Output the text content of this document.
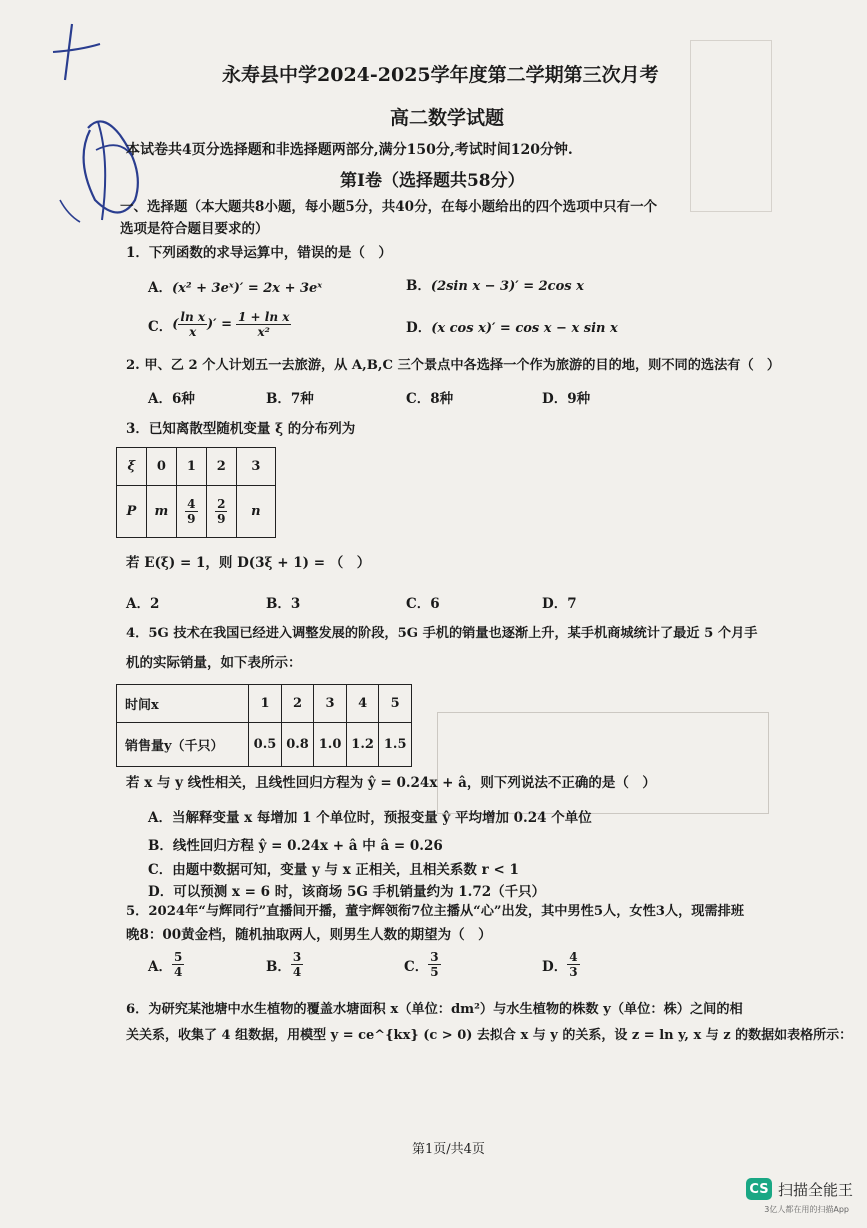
永寿县中学2024-2025学年度第二学期第三次月考
高二数学试题
本试卷共4页分选择题和非选择题两部分,满分150分,考试时间120分钟.
第Ⅰ卷（选择题共58分）
一、选择题（本大题共8小题，每小题5分，共40分，在每小题给出的四个选项中只有一个
选项是符合题目要求的）
1．下列函数的求导运算中，错误的是（　）
A．(x² + 3eˣ)′ = 2x + 3eˣ	B．(2sin x − 3)′ = 2cos x
C． ( $\frac{\text{ln x}}{x}$ )′ = $\frac{\text{1 + ln x}}{\text{x²}}$	D．(x cos x)′ = cos x − x sin x
2. 甲、乙 2 个人计划五一去旅游，从 A,B,C 三个景点中各选择一个作为旅游的目的地，则不同的选法有（　）
A．6种	B．7种	C．8种	D．9种
3．已知离散型随机变量 ξ 的分布列为
ξ	0	1	2	3
P	m	$\frac{4}{9}$	$\frac{2}{9}$	n
若 E(ξ) = 1，则 D(3ξ + 1) = （　）
A．2	B．3	C．6	D．7
4．5G 技术在我国已经进入调整发展的阶段，5G 手机的销量也逐渐上升，某手机商城统计了最近 5 个月手
机的实际销量，如下表所示：
时间x	1	2	3	4	5
销售量y（千只）	0.5	0.8	1.0	1.2	1.5
若 x 与 y 线性相关，且线性回归方程为 ŷ = 0.24x + â，则下列说法不正确的是（　）
A．当解释变量 x 每增加 1 个单位时，预报变量 ŷ 平均增加 0.24 个单位
B．线性回归方程 ŷ = 0.24x + â 中 â = 0.26
C．由题中数据可知，变量 y 与 x 正相关，且相关系数 r < 1
D．可以预测 x = 6 时，该商场 5G 手机销量约为 1.72（千只）
5．2024年“与辉同行”直播间开播，董宇辉领衔7位主播从“心”出发，其中男性5人，女性3人，现需排班
晚8：00黄金档，随机抽取两人，则男生人数的期望为（　）
A． $\frac{5}{4}$	B． $\frac{3}{4}$	C． $\frac{3}{5}$	D． $\frac{4}{3}$
6．为研究某池塘中水生植物的覆盖水塘面积 x（单位：dm²）与水生植物的株数 y（单位：株）之间的相
关关系，收集了 4 组数据，用模型 y = ce^{kx} (c > 0) 去拟合 x 与 y 的关系，设 z = ln y, x 与 z 的数据如表格所示：
第1页/共4页
CS 扫描全能王
3亿人都在用的扫描App
